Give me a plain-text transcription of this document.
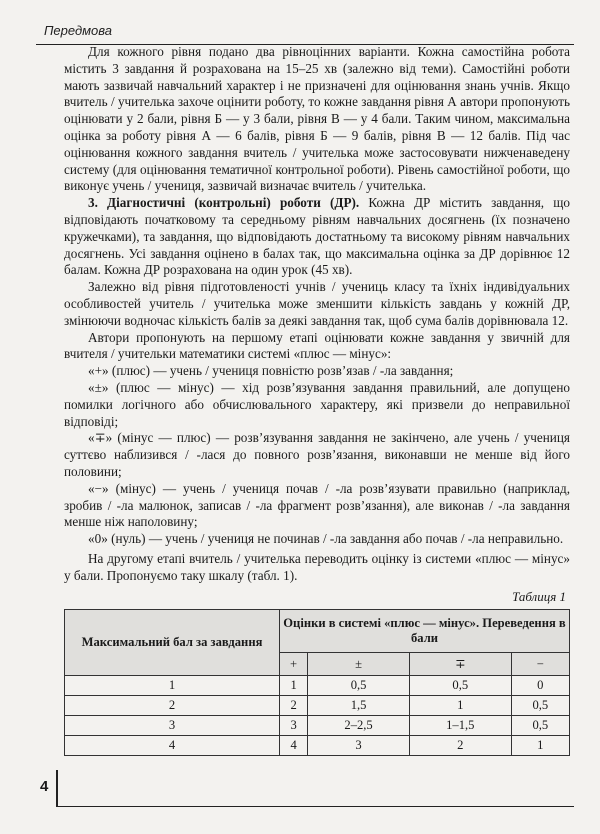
Передмова

Для кожного рівня подано два рівноцінних варіанти. Кожна самостійна робота містить 3 завдання й розрахована на 15–25 хв (залежно від теми). Самостійні роботи мають зазвичай навчальний характер і не призначені для оцінювання знань учнів. Якщо вчитель / учителька захоче оцінити роботу, то кожне завдання рівня А автори пропонують оцінювати у 2 бали, рівня Б — у 3 бали, рівня В — у 4 бали. Таким чином, максимальна оцінка за роботу рівня А — 6 балів, рівня Б — 9 балів, рівня В — 12 балів. Під час оцінювання кожного завдання вчитель / учителька може застосовувати нижченаведену систему (для оцінювання тематичної контрольної роботи). Рівень самостійної роботи, що виконує учень / учениця, зазвичай визначає вчитель / учителька.

3. Діагностичні (контрольні) роботи (ДР). Кожна ДР містить завдання, що відповідають початковому та середньому рівням навчальних досягнень (їх позначено кружечками), та завдання, що відповідають достатньому та високому рівням навчальних досягнень. Усі завдання оцінено в балах так, що максимальна оцінка за ДР дорівнює 12 балам. Кожна ДР розрахована на один урок (45 хв).

Залежно від рівня підготовленості учнів / учениць класу та їхніх індивідуальних особливостей учитель / учителька може зменшити кількість завдань у кожній ДР, змінюючи водночас кількість балів за деякі завдання так, щоб сума балів дорівнювала 12.

Автори пропонують на першому етапі оцінювати кожне завдання у звичній для вчителя / учительки математики системі «плюс — мінус»:

«+» (плюс) — учень / учениця повністю розв’язав / -ла завдання;

«±» (плюс — мінус) — хід розв’язування завдання правильний, але допущено помилки логічного або обчислювального характеру, які призвели до неправильної відповіді;

«∓» (мінус — плюс) — розв’язування завдання не закінчено, але учень / учениця суттєво наблизився / -лася до повного розв’язання, виконавши не менше від його половини;

«−» (мінус) — учень / учениця почав / -ла розв’язувати правильно (наприклад, зробив / -ла малюнок, записав / -ла фрагмент розв’язання), але виконав / -ла завдання менше ніж наполовину;

«0» (нуль) — учень / учениця не починав / -ла завдання або почав / -ла неправильно.

На другому етапі вчитель / учителька переводить оцінку із системи «плюс — мінус» у бали. Пропонуємо таку шкалу (табл. 1).

Таблиця 1
Максимальний бал за завдання	Оцінки в системі «плюс — мінус». Переведення в бали			
	+	±	∓	−
1	1	0,5	0,5	0
2	2	1,5	1	0,5
3	3	2–2,5	1–1,5	0,5
4	4	3	2	1
4
